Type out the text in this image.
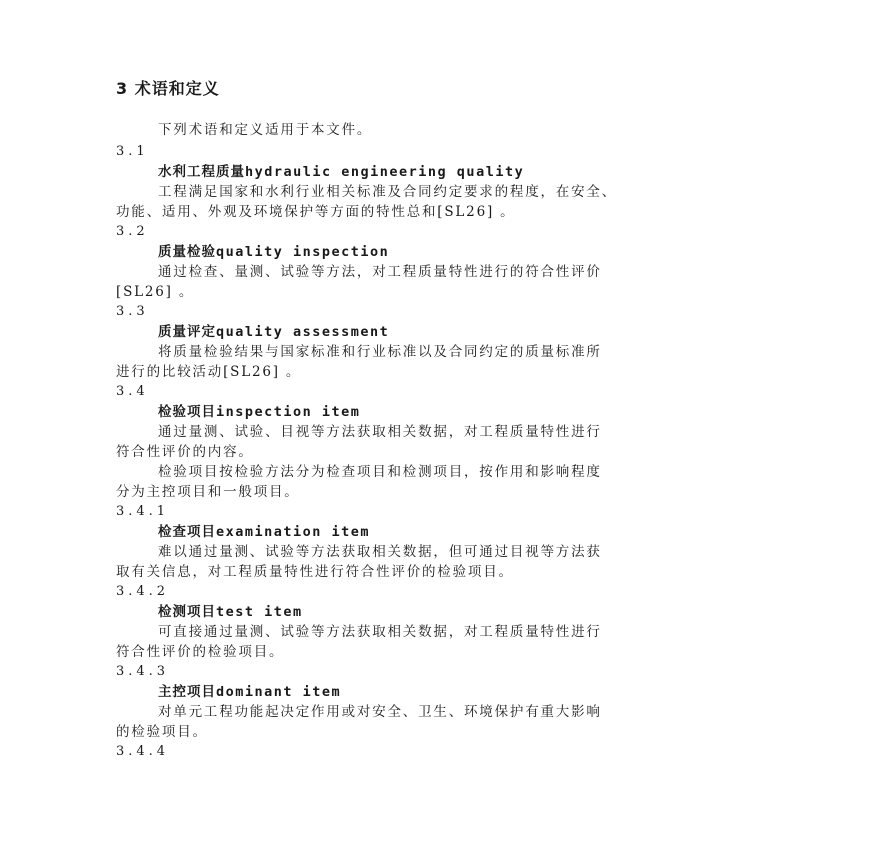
3 术语和定义
下列术语和定义适用于本文件。
3.1
水利工程质量hydraulic engineering quality
工程满足国家和水利行业相关标准及合同约定要求的程度，在安全、
功能、适用、外观及环境保护等方面的特性总和[SL26] 。
3.2
质量检验quality inspection
通过检查、量测、试验等方法，对工程质量特性进行的符合性评价
[SL26] 。
3.3
质量评定quality assessment
将质量检验结果与国家标准和行业标准以及合同约定的质量标准所
进行的比较活动[SL26] 。
3.4
检验项目inspection item
通过量测、试验、目视等方法获取相关数据，对工程质量特性进行
符合性评价的内容。
检验项目按检验方法分为检查项目和检测项目，按作用和影响程度
分为主控项目和一般项目。
3.4.1
检查项目examination item
难以通过量测、试验等方法获取相关数据，但可通过目视等方法获
取有关信息，对工程质量特性进行符合性评价的检验项目。
3.4.2
检测项目test item
可直接通过量测、试验等方法获取相关数据，对工程质量特性进行
符合性评价的检验项目。
3.4.3
主控项目dominant item
对单元工程功能起决定作用或对安全、卫生、环境保护有重大影响
的检验项目。
3.4.4
